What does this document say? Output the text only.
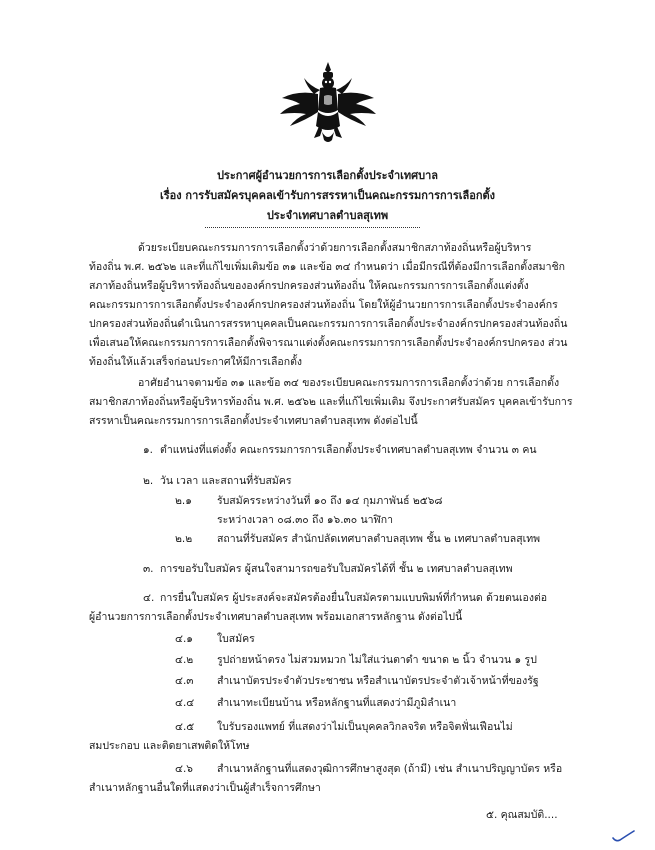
ประกาศผู้อำนวยการการเลือกตั้งประจำเทศบาล
เรื่อง การรับสมัครบุคคลเข้ารับการสรรหาเป็นคณะกรรมการการเลือกตั้ง
ประจำเทศบาลตำบลสุเทพ
ด้วยระเบียบคณะกรรมการการเลือกตั้งว่าด้วยการเลือกตั้งสมาชิกสภาท้องถิ่นหรือผู้บริหาร
ท้องถิ่น พ.ศ. ๒๕๖๒ และที่แก้ไขเพิ่มเติมข้อ ๓๑ และข้อ ๓๔ กำหนดว่า เมื่อมีกรณีที่ต้องมีการเลือกตั้งสมาชิก
สภาท้องถิ่นหรือผู้บริหารท้องถิ่นขององค์กรปกครองส่วนท้องถิ่น ให้คณะกรรมการการเลือกตั้งแต่งตั้ง
คณะกรรมการการเลือกตั้งประจำองค์กรปกครองส่วนท้องถิ่น โดยให้ผู้อำนวยการการเลือกตั้งประจำองค์กร
ปกครองส่วนท้องถิ่นดำเนินการสรรหาบุคคลเป็นคณะกรรมการการเลือกตั้งประจำองค์กรปกครองส่วนท้องถิ่น
เพื่อเสนอให้คณะกรรมการการเลือกตั้งพิจารณาแต่งตั้งคณะกรรมการการเลือกตั้งประจำองค์กรปกครอง ส่วน
ท้องถิ่นให้แล้วเสร็จก่อนประกาศให้มีการเลือกตั้ง
อาศัยอำนาจตามข้อ ๓๑ และข้อ ๓๔ ของระเบียบคณะกรรมการการเลือกตั้งว่าด้วย การเลือกตั้ง
สมาชิกสภาท้องถิ่นหรือผู้บริหารท้องถิ่น พ.ศ. ๒๕๖๒ และที่แก้ไขเพิ่มเติม จึงประกาศรับสมัคร บุคคลเข้ารับการ
สรรหาเป็นคณะกรรมการการเลือกตั้งประจำเทศบาลตำบลสุเทพ ดังต่อไปนี้
๑. ตำแหน่งที่แต่งตั้ง คณะกรรมการการเลือกตั้งประจำเทศบาลตำบลสุเทพ จำนวน ๓ คน
๒. วัน เวลา และสถานที่รับสมัคร
๒.๑ รับสมัครระหว่างวันที่ ๑๐ ถึง ๑๔ กุมภาพันธ์ ๒๕๖๘
ระหว่างเวลา ๐๘.๓๐ ถึง ๑๖.๓๐ นาฬิกา
๒.๒ สถานที่รับสมัคร สำนักปลัดเทศบาลตำบลสุเทพ ชั้น ๒ เทศบาลตำบลสุเทพ
๓. การขอรับใบสมัคร ผู้สนใจสามารถขอรับใบสมัครได้ที่ ชั้น ๒ เทศบาลตำบลสุเทพ
๔. การยื่นใบสมัคร ผู้ประสงค์จะสมัครต้องยื่นใบสมัครตามแบบพิมพ์ที่กำหนด ด้วยตนเองต่อ
ผู้อำนวยการการเลือกตั้งประจำเทศบาลตำบลสุเทพ พร้อมเอกสารหลักฐาน ดังต่อไปนี้
๔.๑ ใบสมัคร
๔.๒ รูปถ่ายหน้าตรง ไม่สวมหมวก ไม่ใส่แว่นตาดำ ขนาด ๒ นิ้ว จำนวน ๑ รูป
๔.๓ สำเนาบัตรประจำตัวประชาชน หรือสำเนาบัตรประจำตัวเจ้าหน้าที่ของรัฐ
๔.๔ สำเนาทะเบียนบ้าน หรือหลักฐานที่แสดงว่ามีภูมิลำเนา
๔.๕ ใบรับรองแพทย์ ที่แสดงว่าไม่เป็นบุคคลวิกลจริต หรือจิตฟั่นเฟือนไม่
สมประกอบ และติดยาเสพติดให้โทษ
๔.๖ สำเนาหลักฐานที่แสดงวุฒิการศึกษาสูงสุด (ถ้ามี) เช่น สำเนาปริญญาบัตร หรือ
สำเนาหลักฐานอื่นใดที่แสดงว่าเป็นผู้สำเร็จการศึกษา
๕. คุณสมบัติ....
